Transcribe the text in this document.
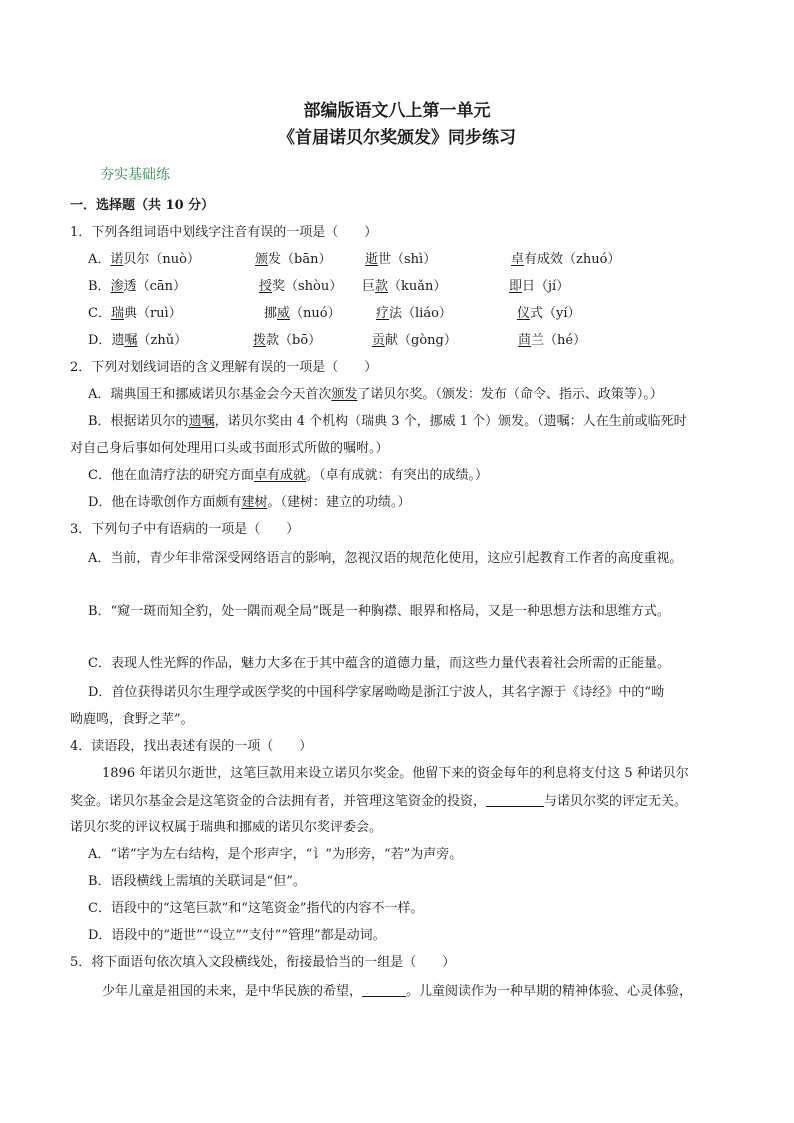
部编版语文八上第一单元
《首届诺贝尔奖颁发》同步练习
夯实基础练
一．选择题（共 10 分）
1．下列各组词语中划线字注音有误的一项是（　　）
A．诺贝尔（nuò）	颁发（bān）	逝世（shì）	卓有成效（zhuó）
B．渗透（cān）	授奖（shòu） 巨款（kuǎn）	即日（jí）
C．瑞典（ruì）	挪威（nuó）	疗法（liáo）	仪式（yí）
D．遗嘱（zhǔ）	拨款（bō）	贡献（gòng）	茴兰（hé）
2．下列对划线词语的含义理解有误的一项是（　　）
A．瑞典国王和挪威诺贝尔基金会今天首次颁发了诺贝尔奖。（颁发：发布（命令、指示、政策等）。）
B．根据诺贝尔的遗嘱，诺贝尔奖由 4 个机构（瑞典 3 个，挪威 1 个）颁发。（遗嘱：人在生前或临死时
对自己身后事如何处理用口头或书面形式所做的嘱咐。）
C．他在血清疗法的研究方面卓有成就。（卓有成就：有突出的成绩。）
D．他在诗歌创作方面颇有建树。（建树：建立的功绩。）
3．下列句子中有语病的一项是（　　）
A．当前，青少年非常深受网络语言的影响，忽视汉语的规范化使用，这应引起教育工作者的高度重视。
B．“窥一斑而知全豹，处一隅而观全局”既是一种胸襟、眼界和格局，又是一种思想方法和思维方式。
C．表现人性光辉的作品，魅力大多在于其中蕴含的道德力量，而这些力量代表着社会所需的正能量。
D．首位获得诺贝尔生理学或医学奖的中国科学家屠呦呦是浙江宁波人，其名字源于《诗经》中的“呦
呦鹿鸣，食野之苹”。
4．读语段，找出表述有误的一项（　　）
1896 年诺贝尔逝世，这笔巨款用来设立诺贝尔奖金。他留下来的资金每年的利息将支付这 5 种诺贝尔
奖金。诺贝尔基金会是这笔资金的合法拥有者，并管理这笔资金的投资，	与诺贝尔奖的评定无关。
诺贝尔奖的评议权属于瑞典和挪威的诺贝尔奖评委会。
A．“诺”字为左右结构，是个形声字，“讠”为形旁，“若”为声旁。
B．语段横线上需填的关联词是“但”。
C．语段中的“这笔巨款”和“这笔资金”指代的内容不一样。
D．语段中的“逝世”“设立”“支付”“管理”都是动词。
5．将下面语句依次填入文段横线处，衔接最恰当的一组是（　　）
少年儿童是祖国的未来，是中华民族的希望，	。儿童阅读作为一种早期的精神体验、心灵体验，
